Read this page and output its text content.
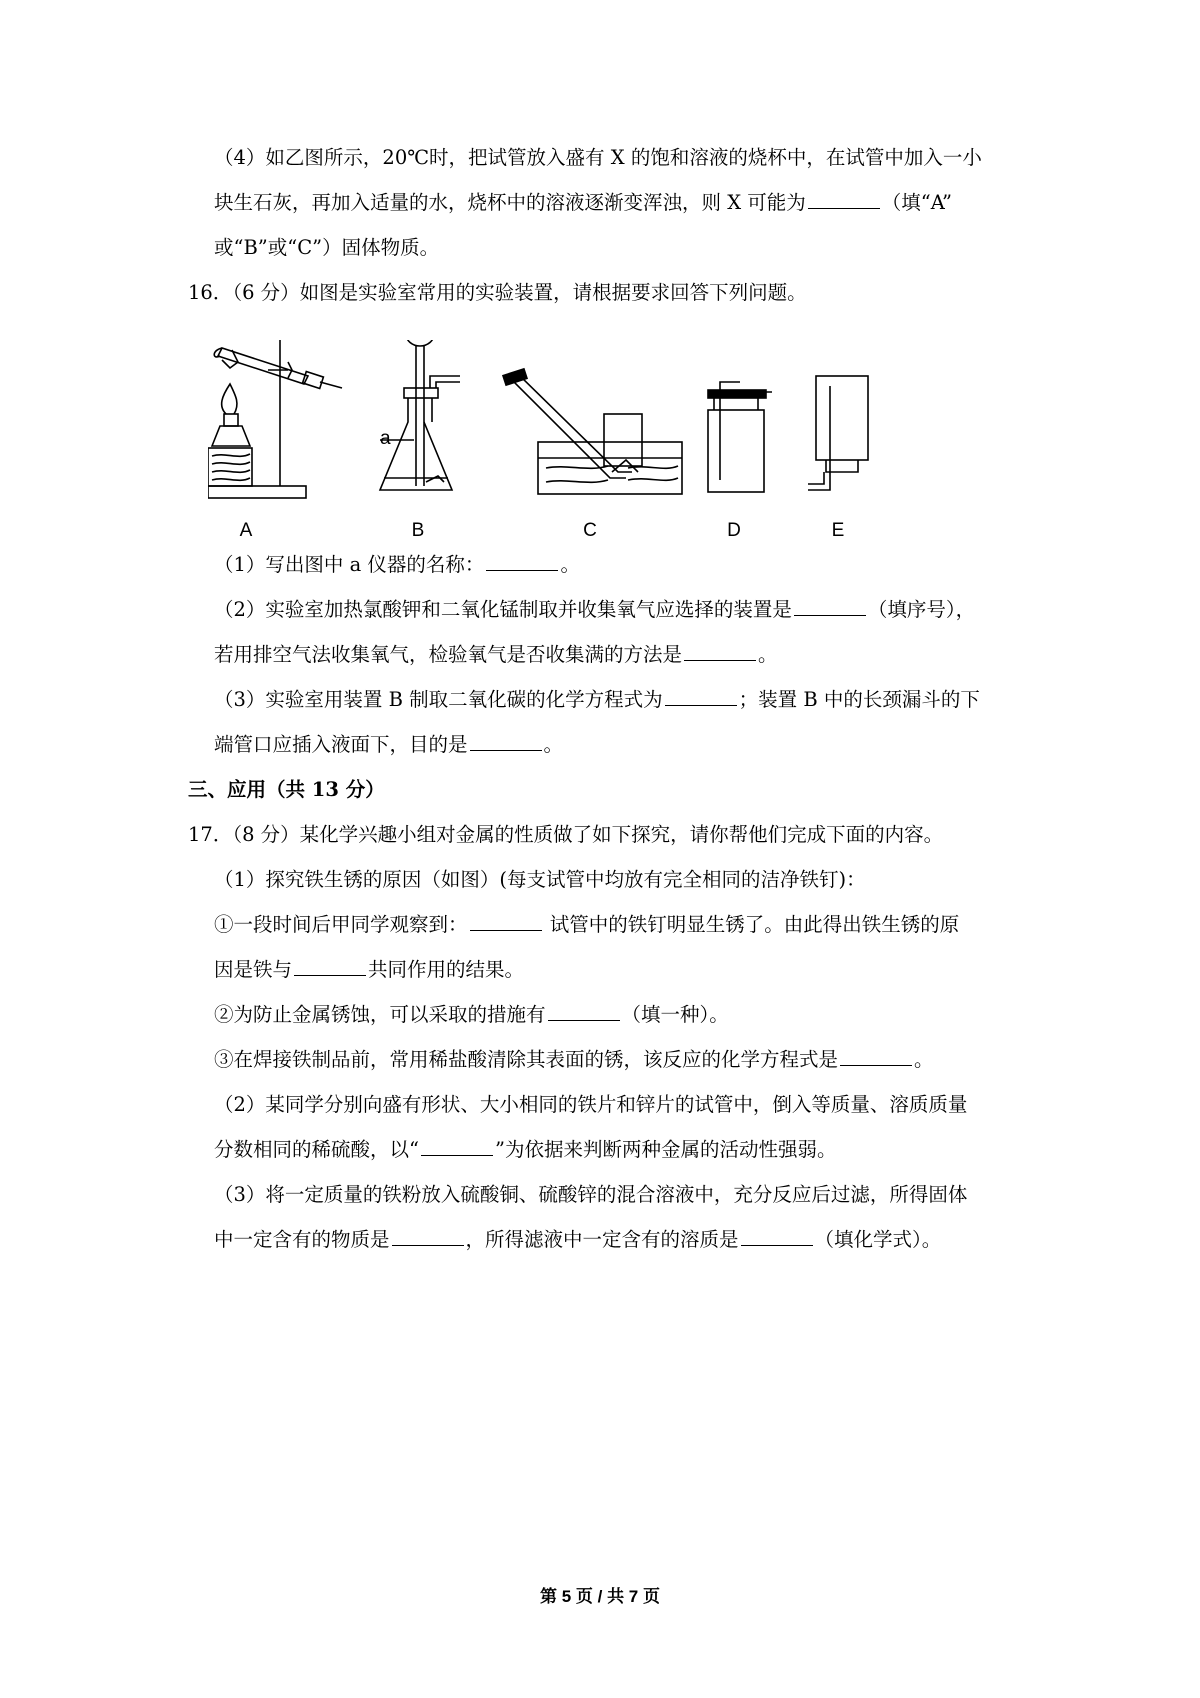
（4）如乙图所示，20℃时，把试管放入盛有 X 的饱和溶液的烧杯中，在试管中加入一小
块生石灰，再加入适量的水，烧杯中的溶液逐渐变浑浊，则 X 可能为	（填“A”
或“B”或“C”）固体物质。
16．（6 分）如图是实验室常用的实验装置，请根据要求回答下列问题。
a
A	B	C	D	E
（1）写出图中 a 仪器的名称：	。
（2）实验室加热氯酸钾和二氧化锰制取并收集氧气应选择的装置是	（填序号），
若用排空气法收集氧气，检验氧气是否收集满的方法是	。
（3）实验室用装置 B 制取二氧化碳的化学方程式为	；装置 B 中的长颈漏斗的下
端管口应插入液面下，目的是	。
三、应用（共 13 分）
17．（8 分）某化学兴趣小组对金属的性质做了如下探究，请你帮他们完成下面的内容。
（1）探究铁生锈的原因（如图）(每支试管中均放有完全相同的洁净铁钉)：
①一段时间后甲同学观察到：	试管中的铁钉明显生锈了。由此得出铁生锈的原
因是铁与	共同作用的结果。
②为防止金属锈蚀，可以采取的措施有	（填一种）。
③在焊接铁制品前，常用稀盐酸清除其表面的锈，该反应的化学方程式是	。
（2）某同学分别向盛有形状、大小相同的铁片和锌片的试管中，倒入等质量、溶质质量
分数相同的稀硫酸，以“	”为依据来判断两种金属的活动性强弱。
（3）将一定质量的铁粉放入硫酸铜、硫酸锌的混合溶液中，充分反应后过滤，所得固体
中一定含有的物质是	，所得滤液中一定含有的溶质是	（填化学式）。
第 5 页 / 共 7 页
